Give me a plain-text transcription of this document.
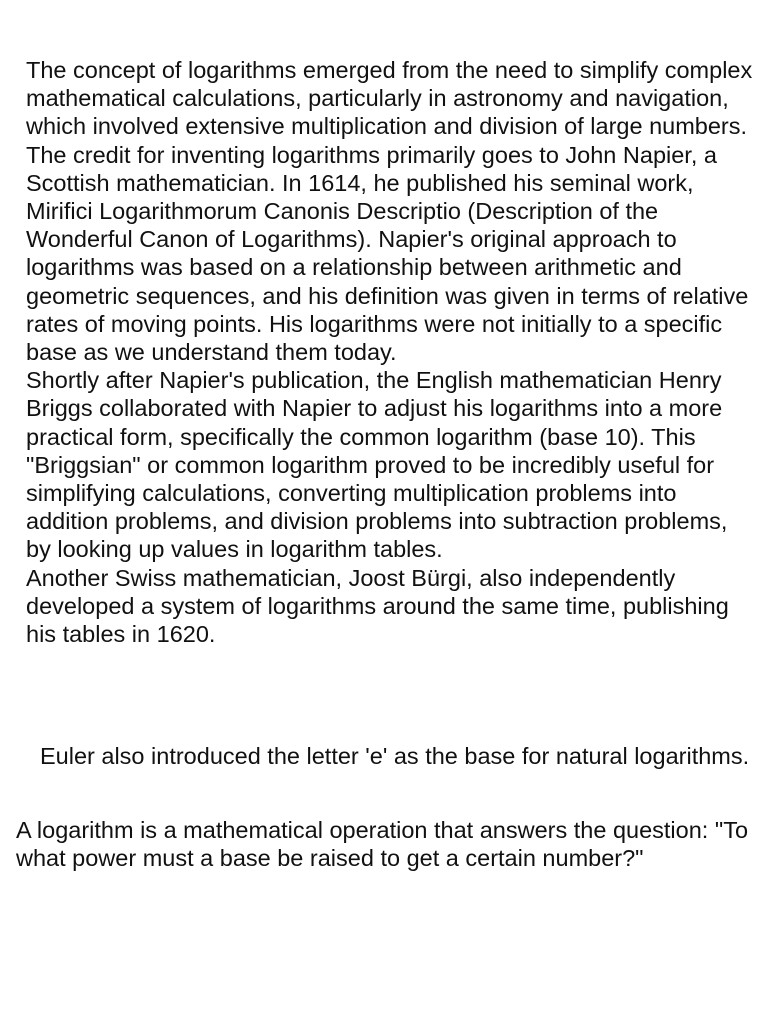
The concept of logarithms emerged from the need to simplify complex mathematical calculations, particularly in astronomy and navigation, which involved extensive multiplication and division of large numbers.

The credit for inventing logarithms primarily goes to John Napier, a Scottish mathematician. In 1614, he published his seminal work, Mirifici Logarithmorum Canonis Descriptio (Description of the Wonderful Canon of Logarithms). Napier's original approach to logarithms was based on a relationship between arithmetic and geometric sequences, and his definition was given in terms of relative rates of moving points. His logarithms were not initially to a specific base as we understand them today.

Shortly after Napier's publication, the English mathematician Henry Briggs collaborated with Napier to adjust his logarithms into a more practical form, specifically the common logarithm (base 10). This "Briggsian" or common logarithm proved to be incredibly useful for simplifying calculations, converting multiplication problems into addition problems, and division problems into subtraction problems, by looking up values in logarithm tables.

Another Swiss mathematician, Joost Bürgi, also independently developed a system of logarithms around the same time, publishing his tables in 1620.

Euler also introduced the letter 'e' as the base for natural logarithms.

A logarithm is a mathematical operation that answers the question: "To what power must a base be raised to get a certain number?"
